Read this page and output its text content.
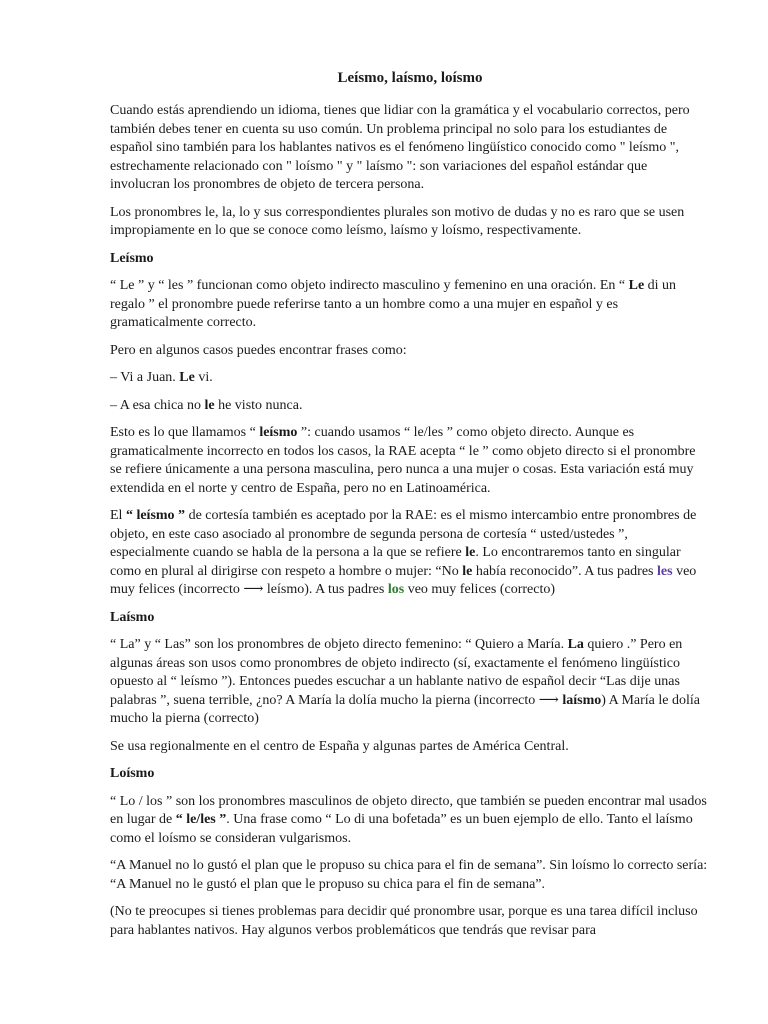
Leísmo, laísmo, loísmo

Cuando estás aprendiendo un idioma, tienes que lidiar con la gramática y el vocabulario correctos, pero también debes tener en cuenta su uso común. Un problema principal no solo para los estudiantes de español sino también para los hablantes nativos es el fenómeno lingüístico conocido como " leísmo ", estrechamente relacionado con " loísmo " y " laísmo ": son variaciones del español estándar que involucran los pronombres de objeto de tercera persona.

Los pronombres le, la, lo y sus correspondientes plurales son motivo de dudas y no es raro que se usen impropiamente en lo que se conoce como leísmo, laísmo y loísmo, respectivamente.

Leísmo

“ Le ” y “ les ” funcionan como objeto indirecto masculino y femenino en una oración. En “ Le di un regalo ” el pronombre puede referirse tanto a un hombre como a una mujer en español y es gramaticalmente correcto.

Pero en algunos casos puedes encontrar frases como:

– Vi a Juan. Le vi.

– A esa chica no le he visto nunca.

Esto es lo que llamamos “ leísmo ”: cuando usamos “ le/les ” como objeto directo. Aunque es gramaticalmente incorrecto en todos los casos, la RAE acepta “ le ” como objeto directo si el pronombre se refiere únicamente a una persona masculina, pero nunca a una mujer o cosas. Esta variación está muy extendida en el norte y centro de España, pero no en Latinoamérica.

El “ leísmo ” de cortesía también es aceptado por la RAE: es el mismo intercambio entre pronombres de objeto, en este caso asociado al pronombre de segunda persona de cortesía “ usted/ustedes ”, especialmente cuando se habla de la persona a la que se refiere le. Lo encontraremos tanto en singular como en plural al dirigirse con respeto a hombre o mujer: “No le había reconocido”. A tus padres les veo muy felices (incorrecto ⟶ leísmo). A tus padres los veo muy felices (correcto)

Laísmo

“ La” y “ Las” son los pronombres de objeto directo femenino: “ Quiero a María. La quiero .” Pero en algunas áreas son usos como pronombres de objeto indirecto (sí, exactamente el fenómeno lingüístico opuesto al “ leísmo ”). Entonces puedes escuchar a un hablante nativo de español decir “Las dije unas palabras ”, suena terrible, ¿no? A María la dolía mucho la pierna (incorrecto ⟶ laísmo) A María le dolía mucho la pierna (correcto)

Se usa regionalmente en el centro de España y algunas partes de América Central.

Loísmo

“ Lo / los ” son los pronombres masculinos de objeto directo, que también se pueden encontrar mal usados en lugar de “ le/les ”. Una frase como “ Lo di una bofetada” es un buen ejemplo de ello. Tanto el laísmo como el loísmo se consideran vulgarismos.

“A Manuel no lo gustó el plan que le propuso su chica para el fin de semana”. Sin loísmo lo correcto sería: “A Manuel no le gustó el plan que le propuso su chica para el fin de semana”.

(No te preocupes si tienes problemas para decidir qué pronombre usar, porque es una tarea difícil incluso para hablantes nativos. Hay algunos verbos problemáticos que tendrás que revisar para
